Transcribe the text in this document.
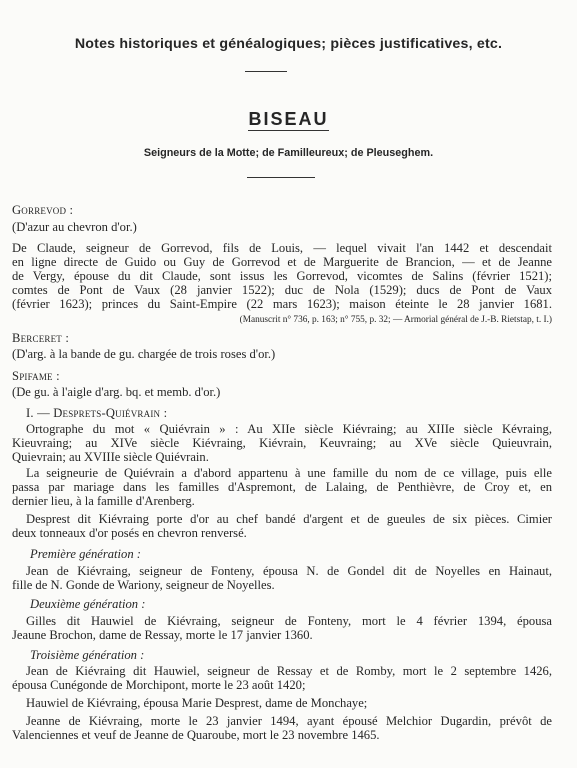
Notes historiques et généalogiques; pièces justificatives, etc.
BISEAU
Seigneurs de la Motte; de Familleureux; de Pleuseghem.
Gorrevod :
(D'azur au chevron d'or.)
De Claude, seigneur de Gorrevod, fils de Louis, — lequel vivait l'an 1442 et descendait
en ligne directe de Guido ou Guy de Gorrevod et de Marguerite de Brancion, — et de Jeanne
de Vergy, épouse du dit Claude, sont issus les Gorrevod, vicomtes de Salins (février 1521);
comtes de Pont de Vaux (28 janvier 1522); duc de Nola (1529); ducs de Pont de Vaux
(février 1623); princes du Saint-Empire (22 mars 1623); maison éteinte le 28 janvier 1681.
(Manuscrit n° 736, p. 163; n° 755, p. 32; — Armorial général de J.-B. Rietstap, t. I.)
Berceret :
(D'arg. à la bande de gu. chargée de trois roses d'or.)
Spifame :
(De gu. à l'aigle d'arg. bq. et memb. d'or.)
I. — Desprets-Quiévrain :
Ortographe du mot « Quiévrain » : Au XIIe siècle Kiévraing; au XIIIe siècle Kévraing,
Kieuvraing; au XIVe siècle Kiévraing, Kiévrain, Keuvraing; au XVe siècle Quieuvrain,
Quievrain; au XVIIIe siècle Quiévrain.
La seigneurie de Quiévrain a d'abord appartenu à une famille du nom de ce village, puis elle
passa par mariage dans les familles d'Aspremont, de Lalaing, de Penthièvre, de Croy et, en
dernier lieu, à la famille d'Arenberg.
Desprest dit Kiévraing porte d'or au chef bandé d'argent et de gueules de six pièces. Cimier
deux tonneaux d'or posés en chevron renversé.
Première génération :
Jean de Kiévraing, seigneur de Fonteny, épousa N. de Gondel dit de Noyelles en Hainaut,
fille de N. Gonde de Wariony, seigneur de Noyelles.
Deuxième génération :
Gilles dit Hauwiel de Kiévraing, seigneur de Fonteny, mort le 4 février 1394, épousa
Jeaune Brochon, dame de Ressay, morte le 17 janvier 1360.
Troisième génération :
Jean de Kiévraing dit Hauwiel, seigneur de Ressay et de Romby, mort le 2 septembre 1426,
épousa Cunégonde de Morchipont, morte le 23 août 1420;
Hauwiel de Kiévraing, épousa Marie Desprest, dame de Monchaye;
Jeanne de Kiévraing, morte le 23 janvier 1494, ayant épousé Melchior Dugardin, prévôt de
Valenciennes et veuf de Jeanne de Quaroube, mort le 23 novembre 1465.
